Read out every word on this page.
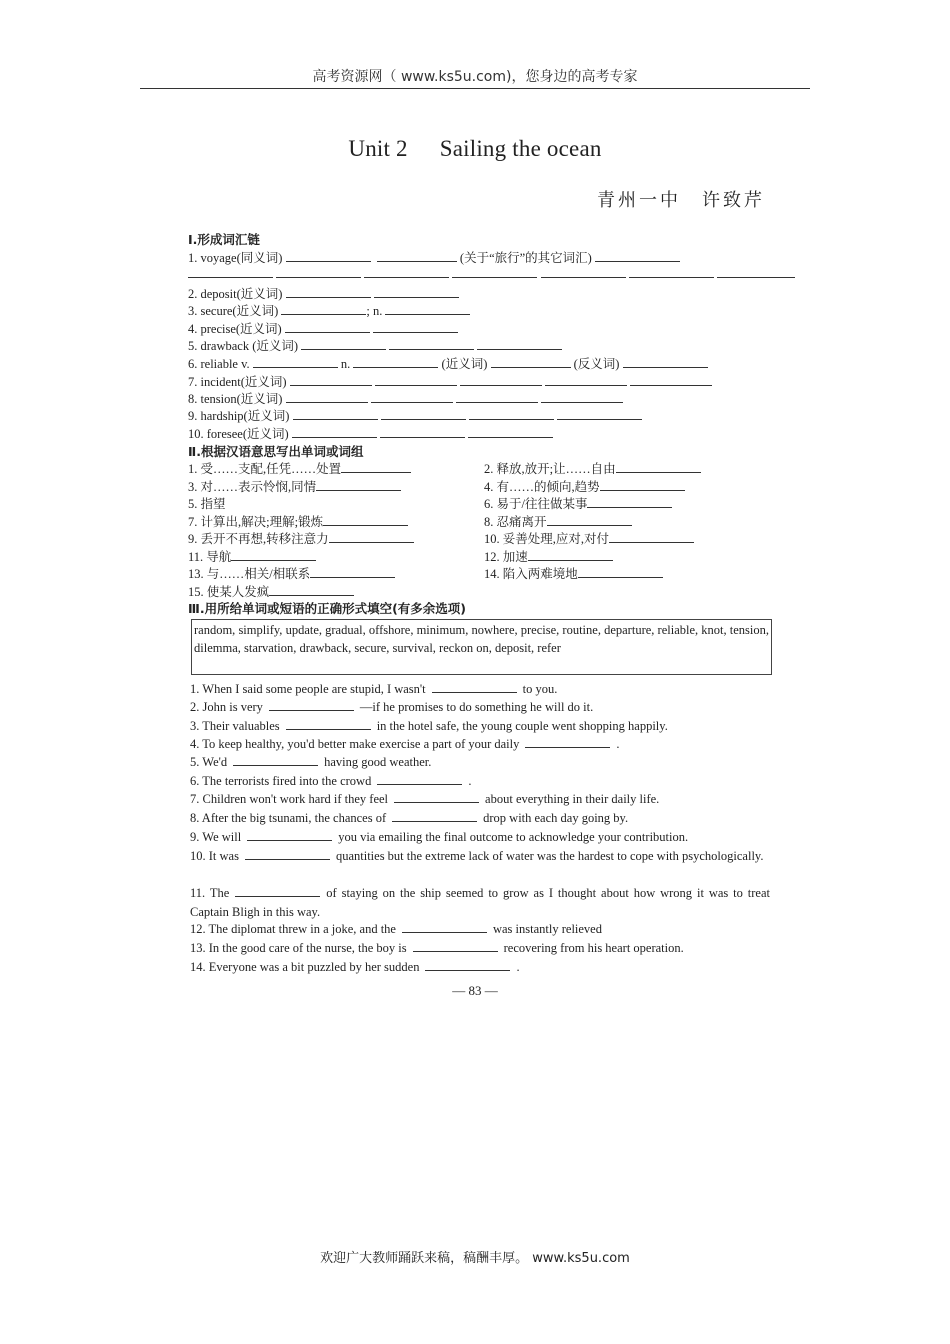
高考资源网（ www.ks5u.com)，您身边的高考专家
Unit 2 Sailing the ocean
青州一中　许致芹
Ⅰ.形成词汇链
1. voyage(同义词)	(关于“旅行”的其它词汇)

2. deposit(近义词)
3. secure(近义词)	; n.
4. precise(近义词)
5. drawback (近义词)
6. reliable v.	n.	(近义词)	(反义词)
7. incident(近义词)
8. tension(近义词)
9. hardship(近义词)
10. foresee(近义词)
Ⅱ.根据汉语意思写出单词或词组
1. 受……支配,任凭……处置	2. 释放,放开;让……自由
3. 对……表示怜悯,同情	4. 有……的倾向,趋势
5. 指望	6. 易于/往往做某事
7. 计算出,解决;理解;锻炼	8. 忍痛离开
9. 丢开不再想,转移注意力	10. 妥善处理,应对,对付
11. 导航	12. 加速
13. 与……相关/相联系	14. 陷入两难境地
15. 使某人发疯
Ⅲ.用所给单词或短语的正确形式填空(有多余选项)
random, simplify, update, gradual, offshore, minimum, nowhere, precise, routine, departure, reliable, knot, tension, dilemma, starvation, drawback, secure, survival, reckon on, deposit, refer
1. When I said some people are stupid, I wasn't	to you.
2. John is very	—if he promises to do something he will do it.
3. Their valuables	in the hotel safe, the young couple went shopping happily.
4. To keep healthy, you'd better make exercise a part of your daily	.
5. We'd	having good weather.
6. The terrorists fired into the crowd	.
7. Children won't work hard if they feel	about everything in their daily life.
8. After the big tsunami, the chances of	drop with each day going by.
9. We will	you via emailing the final outcome to acknowledge your contribution.
10. It was	quantities but the extreme lack of water was the hardest to cope with psychologically.
11. The	of staying on the ship seemed to grow as I thought about how wrong it was to treat Captain Bligh in this way.
12. The diplomat threw in a joke, and the	was instantly relieved
13. In the good care of the nurse, the boy is	recovering from his heart operation.
14. Everyone was a bit puzzled by her sudden	.
— 83 —
欢迎广大教师踊跃来稿，稿酬丰厚。 www.ks5u.com
